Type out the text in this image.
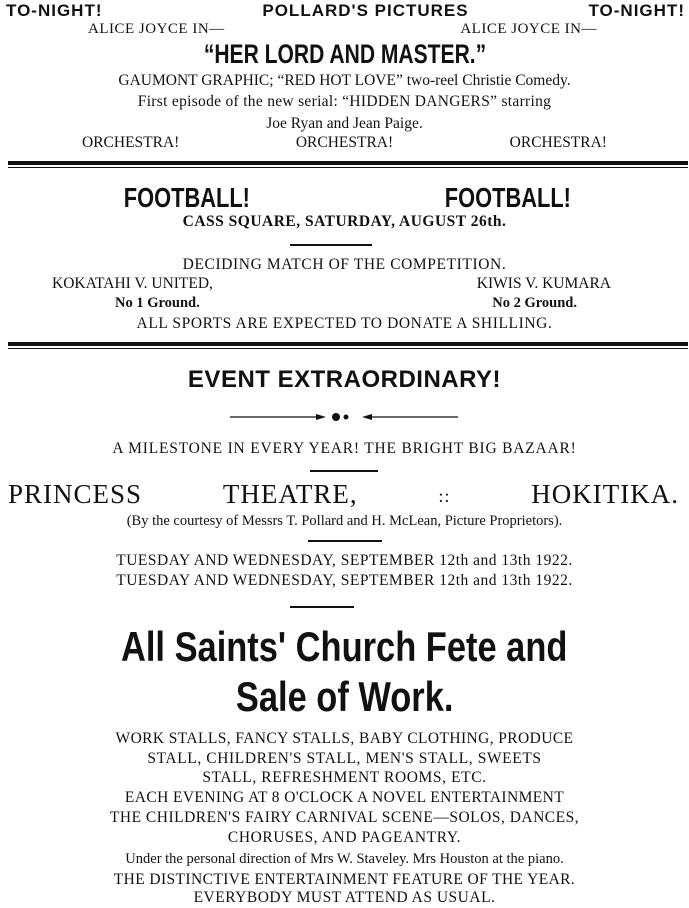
TO-NIGHT!	POLLARD'S PICTURES	TO-NIGHT!
ALICE JOYCE IN—	ALICE JOYCE IN—
“HER LORD AND MASTER.”
GAUMONT GRAPHIC; “RED HOT LOVE” two-reel Christie Comedy.
First episode of the new serial: “HIDDEN DANGERS” starring
Joe Ryan and Jean Paige.
ORCHESTRA!	ORCHESTRA!	ORCHESTRA!
FOOTBALL!	FOOTBALL!
CASS SQUARE, SATURDAY, AUGUST 26th.
DECIDING MATCH OF THE COMPETITION.
KOKATAHI V. UNITED,	KIWIS V. KUMARA
No 1 Ground.	No 2 Ground.
ALL SPORTS ARE EXPECTED TO DONATE A SHILLING.
EVENT EXTRAORDINARY!
A MILESTONE IN EVERY YEAR! THE BRIGHT BIG BAZAAR!
PRINCESS	THEATRE,	::	HOKITIKA.
(By the courtesy of Messrs T. Pollard and H. McLean, Picture Proprietors).
TUESDAY AND WEDNESDAY, SEPTEMBER 12th and 13th 1922.
TUESDAY AND WEDNESDAY, SEPTEMBER 12th and 13th 1922.
All Saints' Church Fete and
Sale of Work.
WORK STALLS, FANCY STALLS, BABY CLOTHING, PRODUCE
STALL, CHILDREN'S STALL, MEN'S STALL, SWEETS
STALL, REFRESHMENT ROOMS, ETC.
EACH EVENING AT 8 O'CLOCK A NOVEL ENTERTAINMENT
THE CHILDREN'S FAIRY CARNIVAL SCENE—SOLOS, DANCES,
CHORUSES, AND PAGEANTRY.
Under the personal direction of Mrs W. Staveley. Mrs Houston at the piano.
THE DISTINCTIVE ENTERTAINMENT FEATURE OF THE YEAR.
EVERYBODY MUST ATTEND AS USUAL.
